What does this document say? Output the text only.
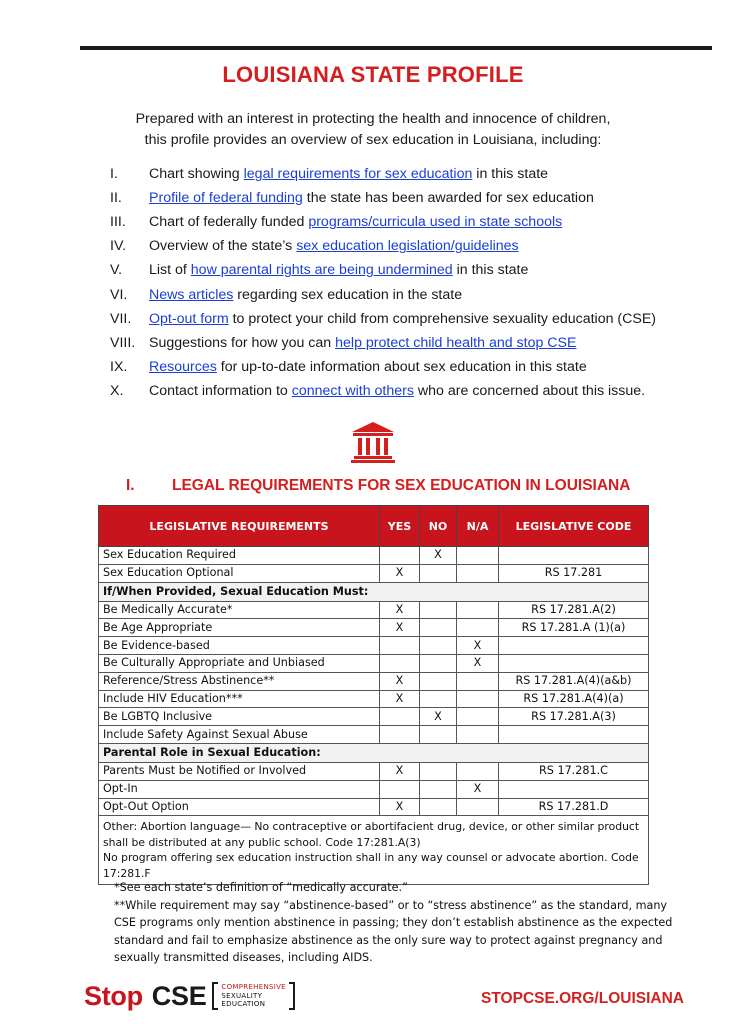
LOUISIANA STATE PROFILE
Prepared with an interest in protecting the health and innocence of children,
this profile provides an overview of sex education in Louisiana, including:
I.	Chart showing legal requirements for sex education in this state
II.	Profile of federal funding the state has been awarded for sex education
III.	Chart of federally funded programs/curricula used in state schools
IV.	Overview of the state’s sex education legislation/guidelines
V.	List of how parental rights are being undermined in this state
VI.	News articles regarding sex education in the state
VII.	Opt-out form to protect your child from comprehensive sexuality education (CSE)
VIII. Suggestions for how you can help protect child health and stop CSE
IX.	Resources for up-to-date information about sex education in this state
X.	Contact information to connect with others who are concerned about this issue.
I. LEGAL REQUIREMENTS FOR SEX EDUCATION IN LOUISIANA
LEGISLATIVE REQUIREMENTS	YES	NO	N/A	LEGISLATIVE CODE
Sex Education Required		X		
Sex Education Optional	X			RS 17.281
If/When Provided, Sexual Education Must:				
Be Medically Accurate*	X			RS 17.281.A(2)
Be Age Appropriate	X			RS 17.281.A (1)(a)
Be Evidence-based			X	
Be Culturally Appropriate and Unbiased			X	
Reference/Stress Abstinence**	X			RS 17.281.A(4)(a&b)
Include HIV Education***	X			RS 17.281.A(4)(a)
Be LGBTQ Inclusive		X		RS 17.281.A(3)
Include Safety Against Sexual Abuse				
Parental Role in Sexual Education:				
Parents Must be Notified or Involved	X			RS 17.281.C
Opt-In			X	
Opt-Out Option	X			RS 17.281.D

Other: Abortion language— No contraceptive or abortifacient drug, device, or other similar product shall be distributed at any public school. Code 17:281.A(3)
No program offering sex education instruction shall in any way counsel or advocate abortion. Code 17:281.F				

*See each state’s definition of “medically accurate.”

**While requirement may say “abstinence-based” or to “stress abstinence” as the standard, many CSE programs only mention abstinence in passing; they don’t establish abstinence as the expected standard and fail to emphasize abstinence as the only sure way to protect against pregnancy and sexually transmitted diseases, including AIDS.

Stop CSE COMPREHENSIVE
SEXUALITY
EDUCATION	STOPCSE.ORG/LOUISIANA
